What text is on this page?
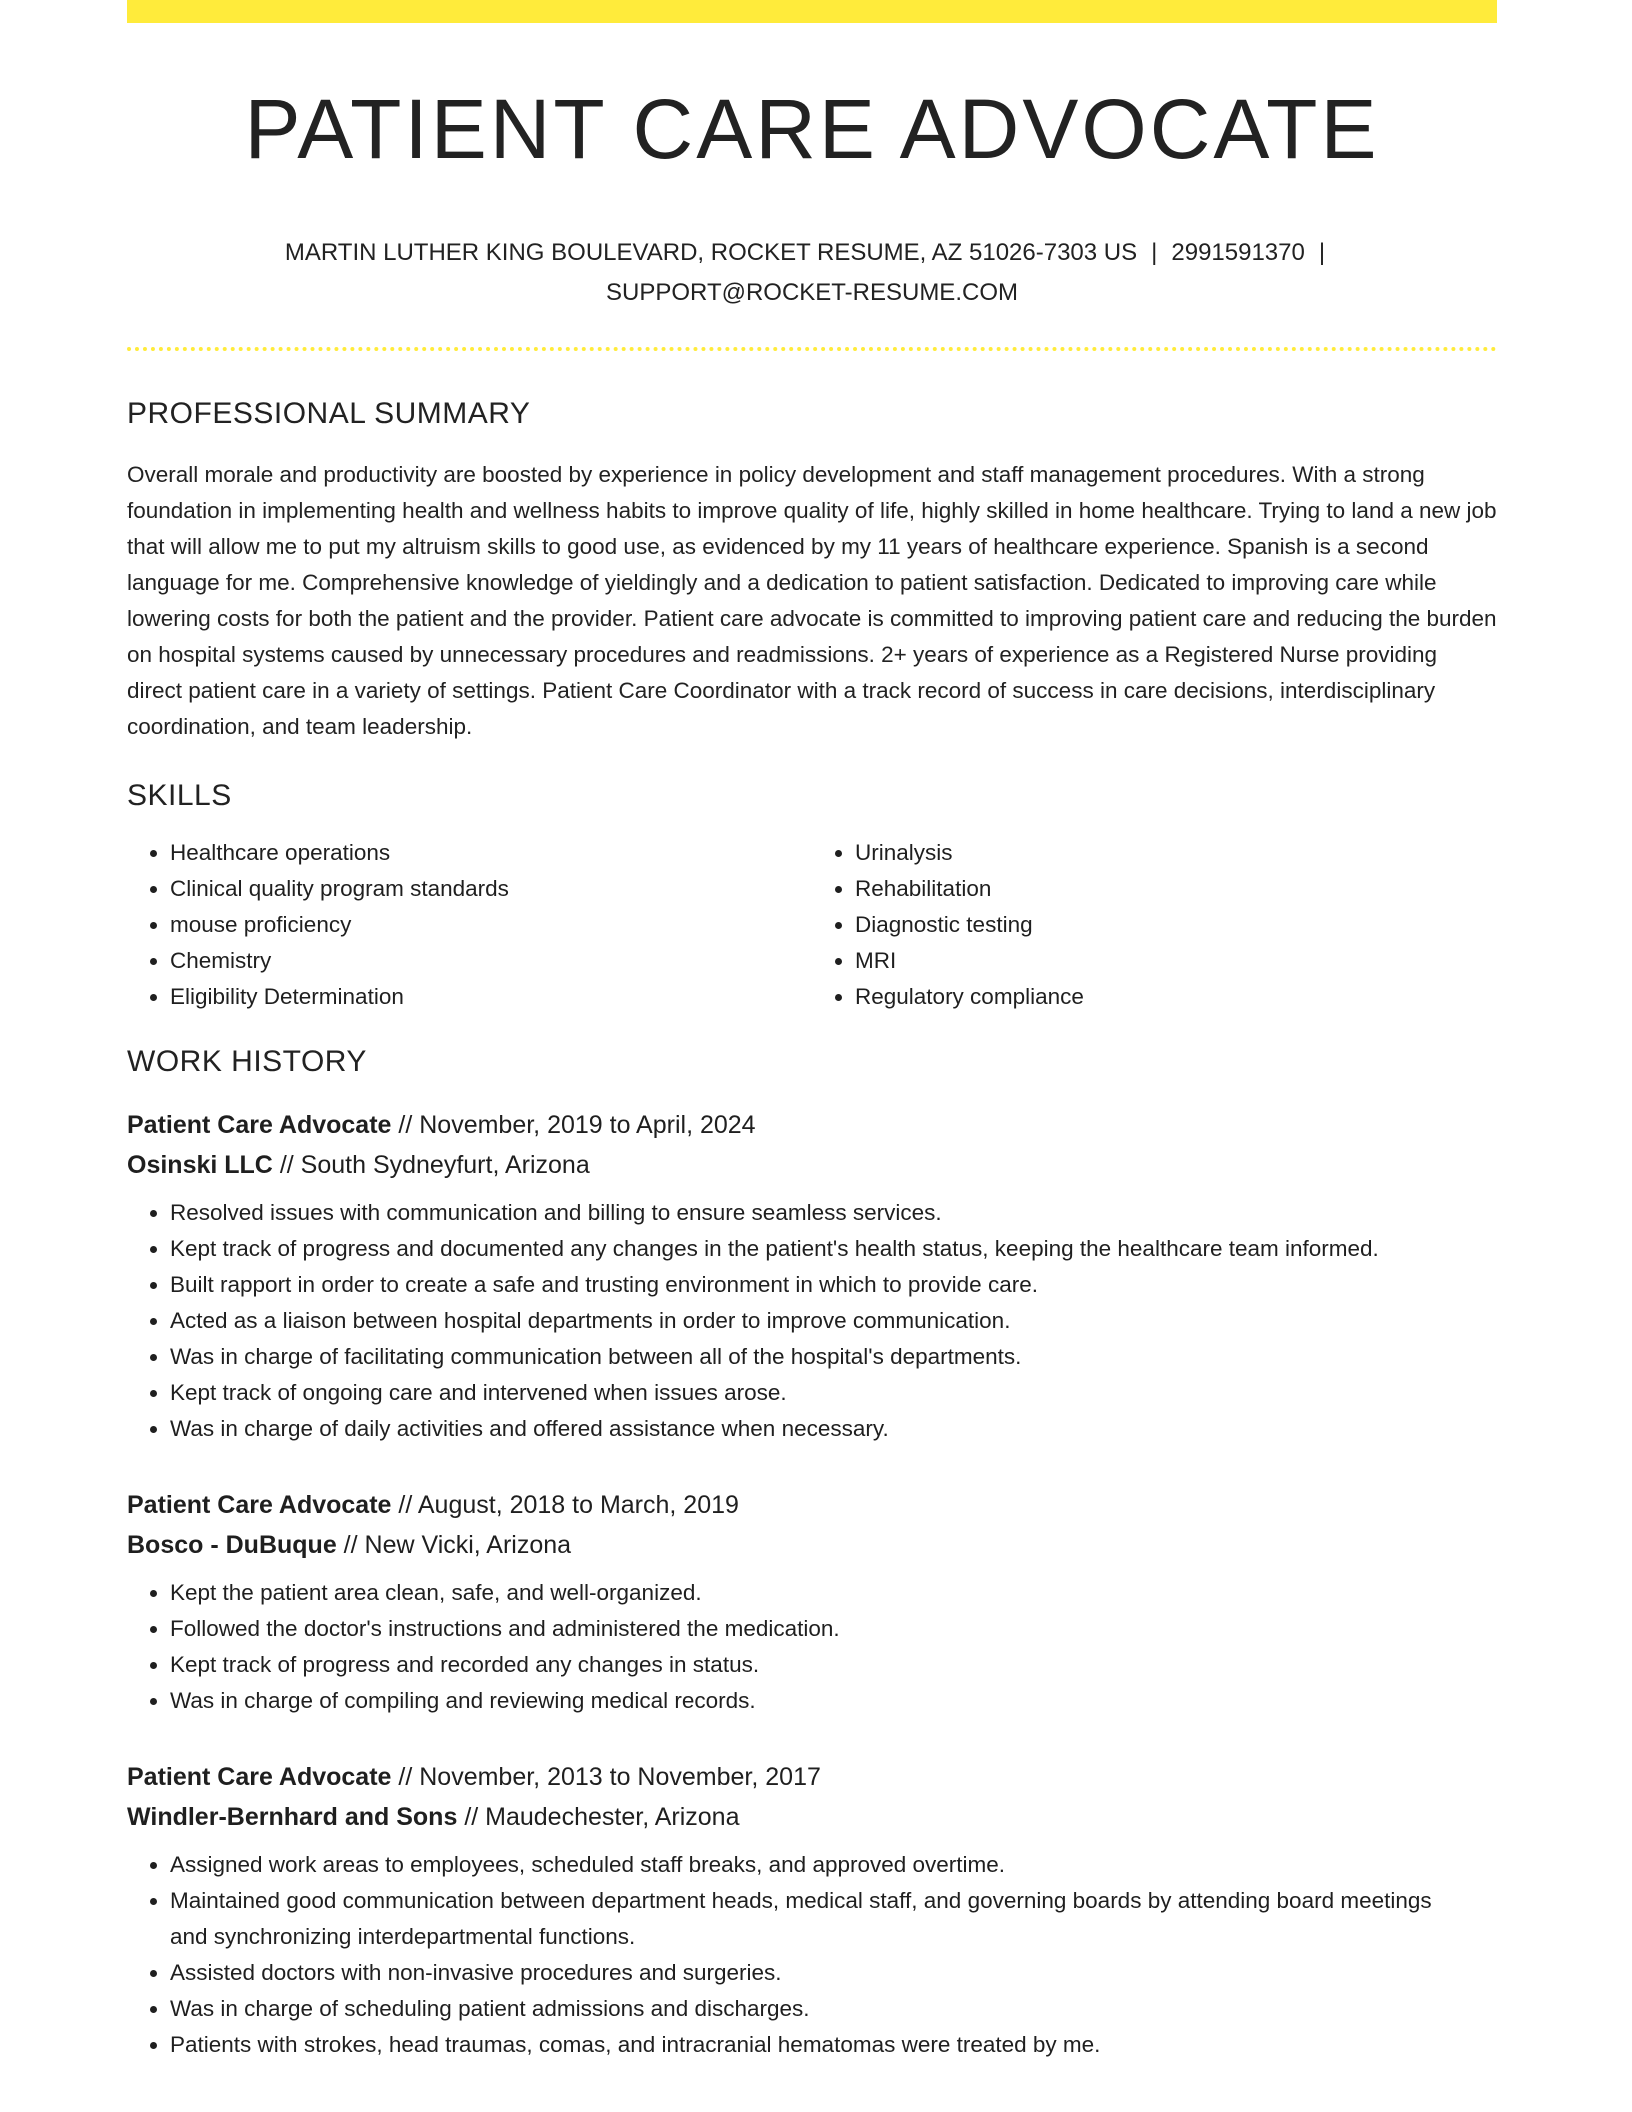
PATIENT CARE ADVOCATE
MARTIN LUTHER KING BOULEVARD, ROCKET RESUME, AZ 51026-7303 US | 2991591370 |
SUPPORT@ROCKET-RESUME.COM
PROFESSIONAL SUMMARY

Overall morale and productivity are boosted by experience in policy development and staff management procedures. With a strong foundation in implementing health and wellness habits to improve quality of life, highly skilled in home healthcare. Trying to land a new job that will allow me to put my altruism skills to good use, as evidenced by my 11 years of healthcare experience. Spanish is a second language for me. Comprehensive knowledge of yieldingly and a dedication to patient satisfaction. Dedicated to improving care while lowering costs for both the patient and the provider. Patient care advocate is committed to improving patient care and reducing the burden on hospital systems caused by unnecessary procedures and readmissions. 2+ years of experience as a Registered Nurse providing direct patient care in a variety of settings. Patient Care Coordinator with a track record of success in care decisions, interdisciplinary coordination, and team leadership.

SKILLS
• Healthcare operations
• Clinical quality program standards
• mouse proficiency
• Chemistry
• Eligibility Determination
• Urinalysis
• Rehabilitation
• Diagnostic testing
• MRI
• Regulatory compliance
WORK HISTORY
Patient Care Advocate // November, 2019 to April, 2024
Osinski LLC // South Sydneyfurt, Arizona
• Resolved issues with communication and billing to ensure seamless services.
• Kept track of progress and documented any changes in the patient's health status, keeping the healthcare team informed.
• Built rapport in order to create a safe and trusting environment in which to provide care.
• Acted as a liaison between hospital departments in order to improve communication.
• Was in charge of facilitating communication between all of the hospital's departments.
• Kept track of ongoing care and intervened when issues arose.
• Was in charge of daily activities and offered assistance when necessary.
Patient Care Advocate // August, 2018 to March, 2019
Bosco - DuBuque // New Vicki, Arizona
• Kept the patient area clean, safe, and well-organized.
• Followed the doctor's instructions and administered the medication.
• Kept track of progress and recorded any changes in status.
• Was in charge of compiling and reviewing medical records.
Patient Care Advocate // November, 2013 to November, 2017
Windler-Bernhard and Sons // Maudechester, Arizona
• Assigned work areas to employees, scheduled staff breaks, and approved overtime.
• Maintained good communication between department heads, medical staff, and governing boards by attending board meetings and synchronizing interdepartmental functions.
• Assisted doctors with non-invasive procedures and surgeries.
• Was in charge of scheduling patient admissions and discharges.
• Patients with strokes, head traumas, comas, and intracranial hematomas were treated by me.
